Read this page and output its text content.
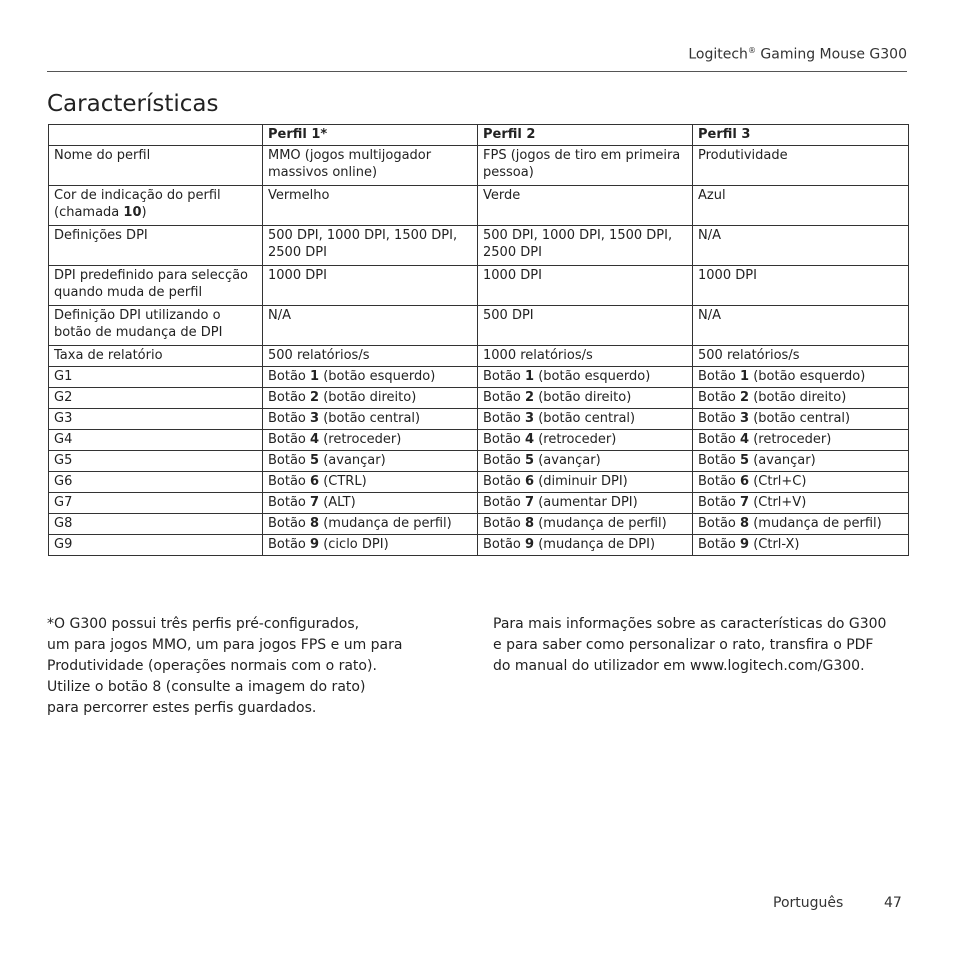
Logitech® Gaming Mouse G300
Características
	Perfil 1*	Perfil 2	Perfil 3
Nome do perfil	MMO (jogos multijogador massivos online)	FPS (jogos de tiro em primeira pessoa)	Produtividade
Cor de indicação do perfil (chamada 10)	Vermelho	Verde	Azul
Definições DPI	500 DPI, 1000 DPI, 1500 DPI, 2500 DPI	500 DPI, 1000 DPI, 1500 DPI, 2500 DPI	N/A
DPI predefinido para selecção quando muda de perfil	1000 DPI	1000 DPI	1000 DPI
Definição DPI utilizando o botão de mudança de DPI	N/A	500 DPI	N/A
Taxa de relatório	500 relatórios/s	1000 relatórios/s	500 relatórios/s
G1	Botão 1 (botão esquerdo)	Botão 1 (botão esquerdo)	Botão 1 (botão esquerdo)
G2	Botão 2 (botão direito)	Botão 2 (botão direito)	Botão 2 (botão direito)
G3	Botão 3 (botão central)	Botão 3 (botão central)	Botão 3 (botão central)
G4	Botão 4 (retroceder)	Botão 4 (retroceder)	Botão 4 (retroceder)
G5	Botão 5 (avançar)	Botão 5 (avançar)	Botão 5 (avançar)
G6	Botão 6 (CTRL)	Botão 6 (diminuir DPI)	Botão 6 (Ctrl+C)
G7	Botão 7 (ALT)	Botão 7 (aumentar DPI)	Botão 7 (Ctrl+V)
G8	Botão 8 (mudança de perfil)	Botão 8 (mudança de perfil)	Botão 8 (mudança de perfil)
G9	Botão 9 (ciclo DPI)	Botão 9 (mudança de DPI)	Botão 9 (Ctrl-X)
*O G300 possui três perfis pré-configurados,
um para jogos MMO, um para jogos FPS e um para
Produtividade (operações normais com o rato).
Utilize o botão 8 (consulte a imagem do rato)
para percorrer estes perfis guardados.
Para mais informações sobre as características do G300
e para saber como personalizar o rato, transfira o PDF
do manual do utilizador em www.logitech.com/G300.
Português	47
